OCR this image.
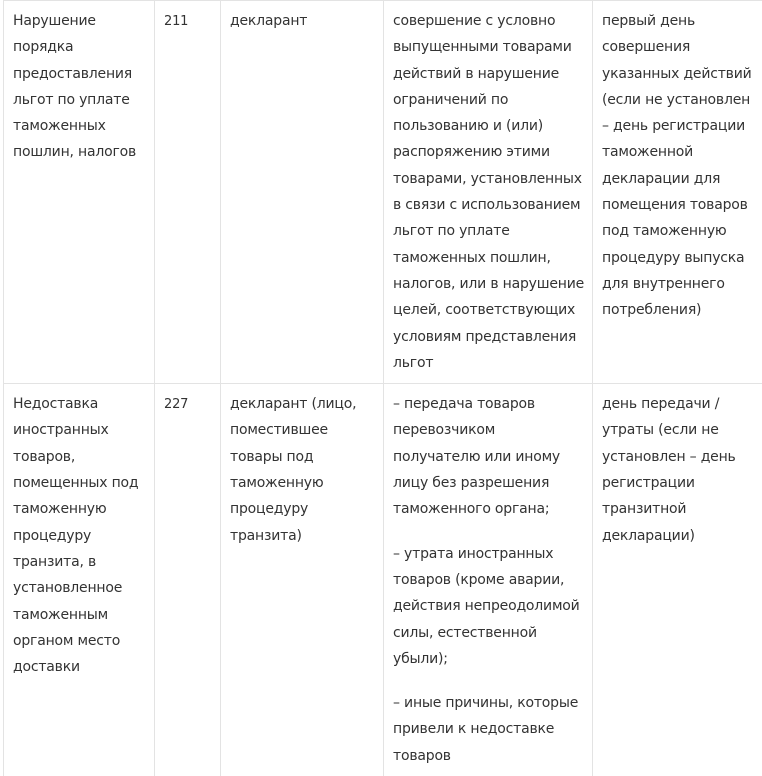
Нарушение порядка предоставления льгот по уплате таможенных пошлин, налогов	211	декларант	совершение с условно выпущенными товарами действий в нарушение ограничений по пользованию и (или) распоряжению этими товарами, установленных в связи с использованием льгот по уплате таможенных пошлин, налогов, или в нарушение целей, соответствующих условиям представления льгот	первый день совершения указанных действий (если не установлен – день регистрации таможенной декларации для помещения товаров под таможенную процедуру выпуска для внутреннего потребления)
Недоставка иностранных товаров, помещенных под таможенную процедуру транзита, в установленное таможенным органом место доставки	227	декларант (лицо, поместившее товары под таможенную процедуру транзита)	– передача товаров перевозчиком получателю или иному лицу без разрешения таможенного органа;

– утрата иностранных товаров (кроме аварии, действия непреодолимой силы, естественной убыли);

– иные причины, которые привели к недоставке товаров	день передачи / утраты (если не установлен – день регистрации транзитной декларации)
